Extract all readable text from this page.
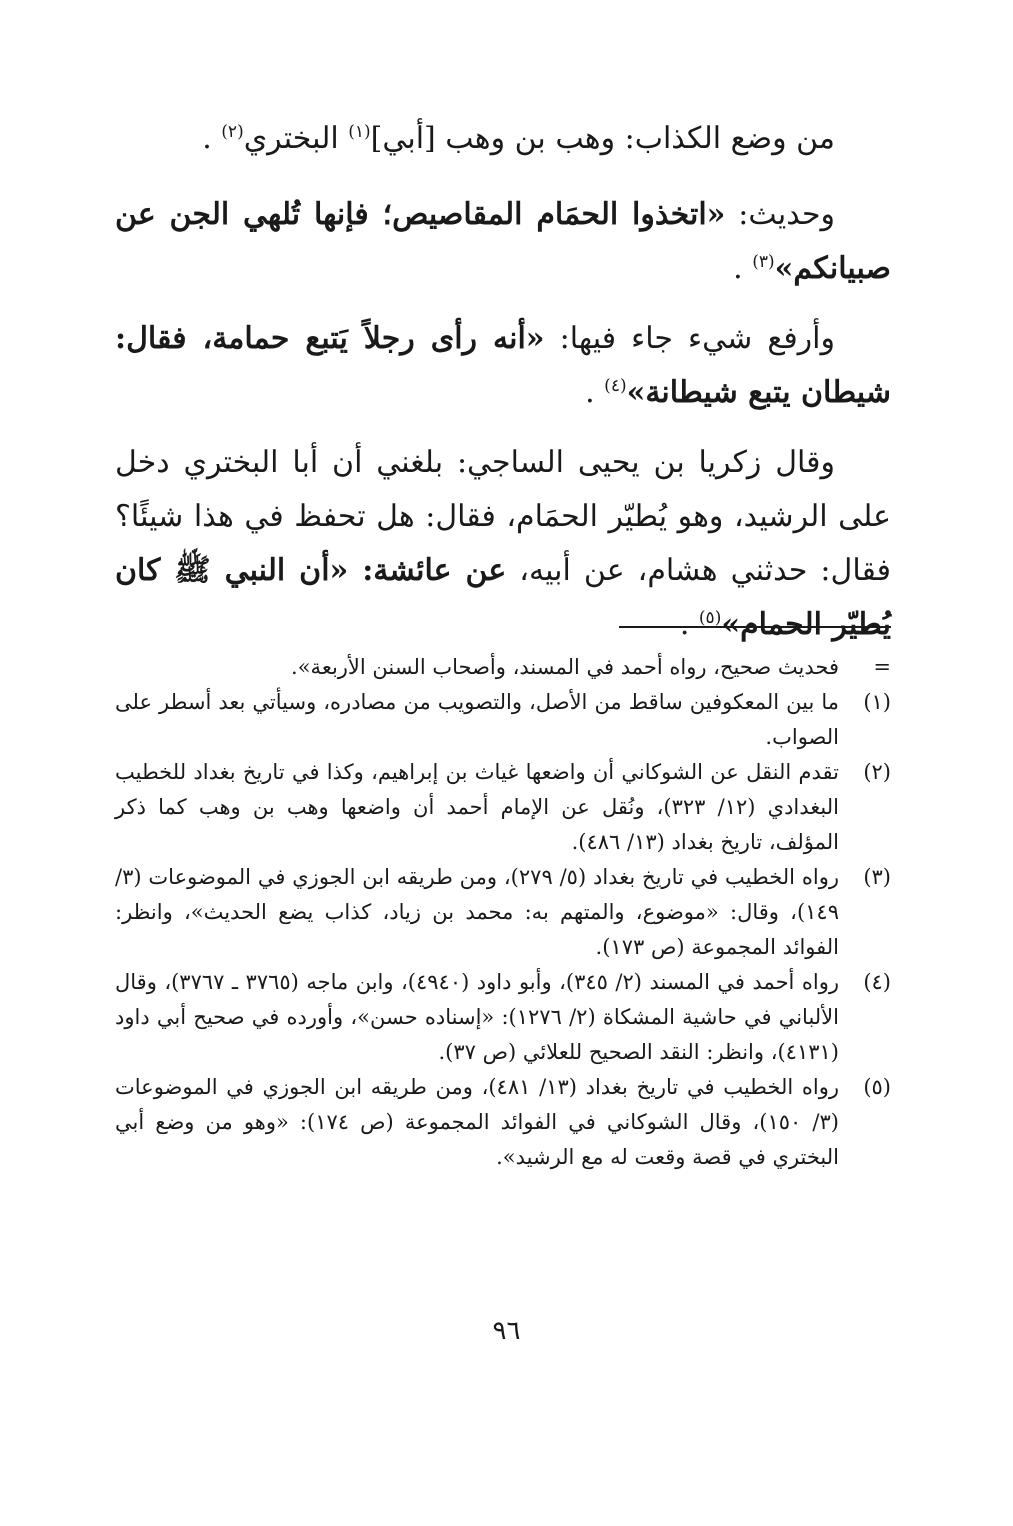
من وضع الكذاب: وهب بن وهب [أبي]$^{(١)}$ البختري$^{(٢)}$ .

وحديث: «اتخذوا الحمَام المقاصيص؛ فإنها تُلهي الجن عن صبيانكم»$^{(٣)}$ .

وأرفع شيء جاء فيها: «أنه رأى رجلاً يَتبع حمامة، فقال: شيطان يتبع شيطانة»$^{(٤)}$ .

وقال زكريا بن يحيى الساجي: بلغني أن أبا البختري دخل على الرشيد، وهو يُطيّر الحمَام، فقال: هل تحفظ في هذا شيئًا؟ فقال: حدثني هشام، عن أبيه، عن عائشة: «أن النبي ﷺ كان يُطيّر الحمام»$^{(٥)}$ .

=
فحديث صحيح، رواه أحمد في المسند، وأصحاب السنن الأربعة».

(١)
ما بين المعكوفين ساقط من الأصل، والتصويب من مصادره، وسيأتي بعد أسطر على الصواب.

(٢)
تقدم النقل عن الشوكاني أن واضعها غياث بن إبراهيم، وكذا في تاريخ بغداد للخطيب البغدادي (١٢/ ٣٢٣)، ونُقل عن الإمام أحمد أن واضعها وهب بن وهب كما ذكر المؤلف، تاريخ بغداد (١٣/ ٤٨٦).

(٣)
رواه الخطيب في تاريخ بغداد (٥/ ٢٧٩)، ومن طريقه ابن الجوزي في الموضوعات (٣/ ١٤٩)، وقال: «موضوع، والمتهم به: محمد بن زياد، كذاب يضع الحديث»، وانظر: الفوائد المجموعة (ص ١٧٣).

(٤)
رواه أحمد في المسند (٢/ ٣٤٥)، وأبو داود (٤٩٤٠)، وابن ماجه (٣٧٦٥ ـ ٣٧٦٧)، وقال الألباني في حاشية المشكاة (٢/ ١٢٧٦): «إسناده حسن»، وأورده في صحيح أبي داود (٤١٣١)، وانظر: النقد الصحيح للعلائي (ص ٣٧).

(٥)
رواه الخطيب في تاريخ بغداد (١٣/ ٤٨١)، ومن طريقه ابن الجوزي في الموضوعات (٣/ ١٥٠)، وقال الشوكاني في الفوائد المجموعة (ص ١٧٤): «وهو من وضع أبي البختري في قصة وقعت له مع الرشيد».

٩٦
